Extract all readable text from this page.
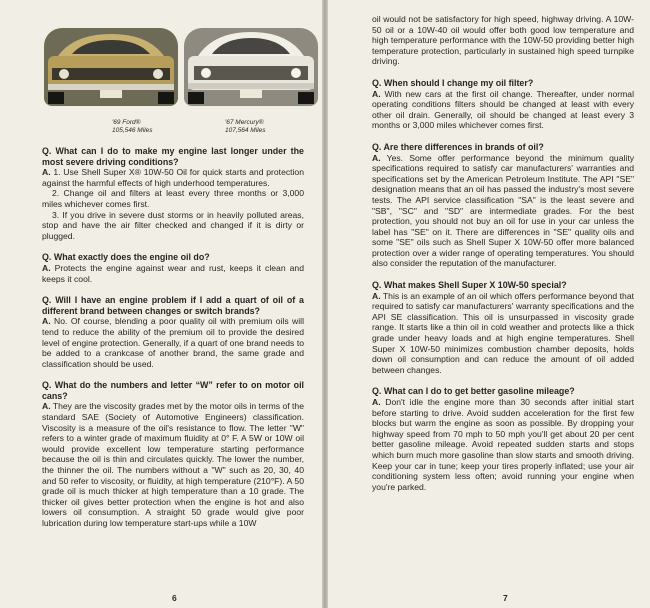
'69 Ford®
105,546 Miles
'67 Mercury®
107,564 Miles

Q. What can I do to make my engine last longer under the most severe driving conditions?

A. 1. Use Shell Super X® 10W-50 Oil for quick starts and protection against the harmful effects of high underhood temperatures.

2. Change oil and filters at least every three months or 3,000 miles whichever comes first.

3. If you drive in severe dust storms or in heavily polluted areas, stop and have the air filter checked and changed if it is dirty or plugged.

Q. What exactly does the engine oil do?

A. Protects the engine against wear and rust, keeps it clean and keeps it cool.

Q. Will I have an engine problem if I add a quart of oil of a different brand between changes or switch brands?

A. No. Of course, blending a poor quality oil with premium oils will tend to reduce the ability of the premium oil to provide the desired level of engine protection. Generally, if a quart of one brand needs to be added to a crankcase of another brand, the same grade and classification should be used.

Q. What do the numbers and letter “W” refer to on motor oil cans?

A. They are the viscosity grades met by the motor oils in terms of the standard SAE (Society of Automotive Engineers) classification. Viscosity is a measure of the oil's resistance to flow. The letter "W" refers to a winter grade of maximum fluidity at 0° F. A 5W or 10W oil would provide excellent low temperature starting performance because the oil is thin and circulates quickly. The lower the number, the thinner the oil. The numbers without a "W" such as 20, 30, 40 and 50 refer to viscosity, or fluidity, at high temperature (210°F). A 50 grade oil is much thicker at high temperature than a 10 grade. The thicker oil gives better protection when the engine is hot and also lowers oil consumption. A straight 50 grade would give poor lubrication during low temperature start-ups while a 10W

6

oil would not be satisfactory for high speed, highway driving. A 10W-50 oil or a 10W-40 oil would offer both good low temperature and high temperature performance with the 10W-50 providing better high temperature protection, particularly in sustained high speed turnpike driving.

Q. When should I change my oil filter?

A. With new cars at the first oil change. Thereafter, under normal operating conditions filters should be changed at least with every other oil drain. Generally, oil should be changed at least every 3 months or 3,000 miles whichever comes first.

Q. Are there differences in brands of oil?

A. Yes. Some offer performance beyond the minimum quality specifications required to satisfy car manufacturers' warranties and specifications set by the American Petroleum Institute. The API "SE" designation means that an oil has passed the industry's most severe tests. The API service classification "SA" is the least severe and "SB", "SC" and "SD" are intermediate grades. For the best protection, you should not buy an oil for use in your car unless the label has "SE" on it. There are differences in "SE" quality oils and some "SE" oils such as Shell Super X 10W-50 offer more balanced protection over a wider range of operating temperatures. You should also consider the reputation of the manufacturer.

Q. What makes Shell Super X 10W-50 special?

A. This is an example of an oil which offers performance beyond that required to satisfy car manufacturers' warranty specifications and the API SE classification. This oil is unsurpassed in viscosity grade range. It starts like a thin oil in cold weather and protects like a thick grade under heavy loads and at high engine temperatures. Shell Super X 10W-50 minimizes combustion chamber deposits, holds down oil consumption and can reduce the amount of oil added between changes.

Q. What can I do to get better gasoline mileage?

A. Don't idle the engine more than 30 seconds after initial start before starting to drive. Avoid sudden acceleration for the first few blocks but warm the engine as soon as possible. By dropping your highway speed from 70 mph to 50 mph you'll get about 20 per cent better gasoline mileage. Avoid repeated sudden starts and stops which burn much more gasoline than slow starts and smooth driving. Keep your car in tune; keep your tires properly inflated; use your air conditioning system less often; avoid running your engine when you're parked.

7
